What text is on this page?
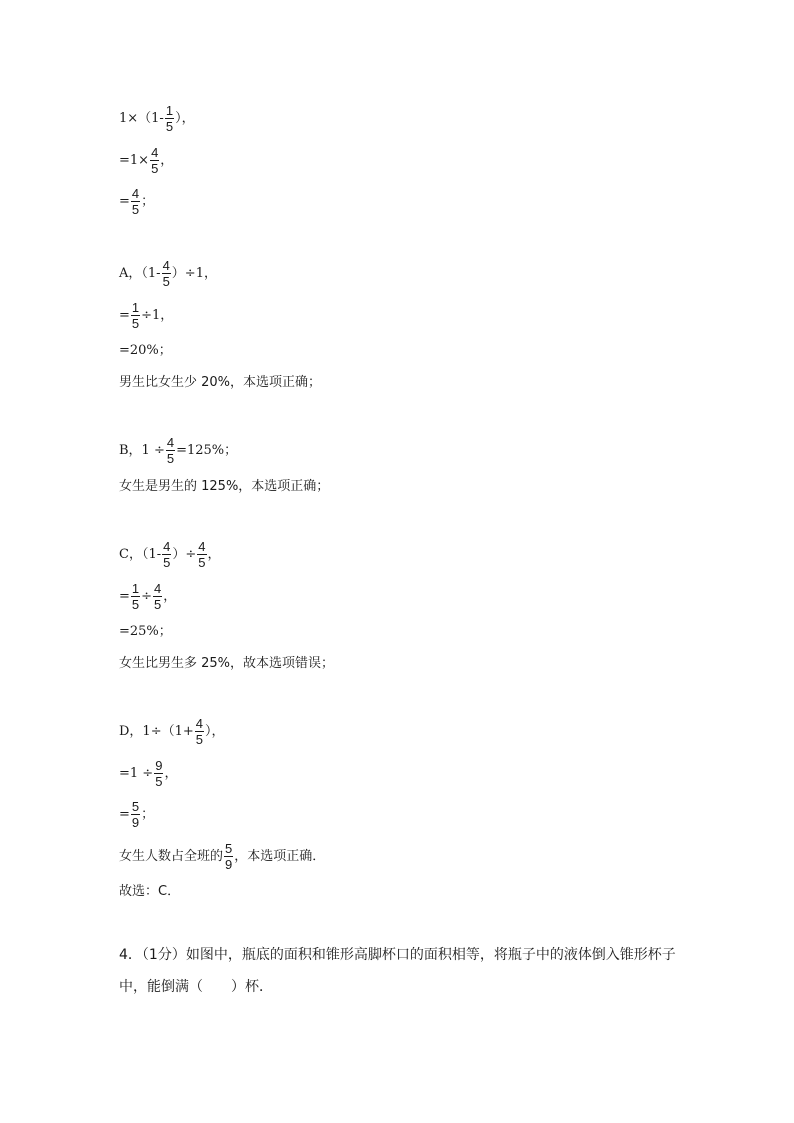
$1\times(1- \frac{1}{5}$ ），
$=1\times \frac{4}{5}$ ，
= $\frac{4}{5}$ ；
A，$(1- \frac{4}{5} )\div 1$，
= $\frac{1}{5} \div 1$，
=20%；
男生比女生少 20%，本选项正确；
B，$1 \div \frac{4}{5} =125\%$；
女生是男生的 125%，本选项正确；
C，（$1- \frac{4}{5}$ ）÷ $\frac{4}{5}$ ，
= $\frac{1}{5} \div \frac{4}{5}$ ，
=25%；
女生比男生多 25%，故本选项错误；
D，$1\div(1+ \frac{4}{5}$ ），
$=1 \div \frac{9}{5}$ ，
= $\frac{5}{9}$ ；
女生人数占全班的 $\frac{5}{9}$ ，本选项正确．
故选：C．
4．（1分）如图中，瓶底的面积和锥形高脚杯口的面积相等，将瓶子中的液体倒入锥形杯子
中，能倒满（　　）杯．
